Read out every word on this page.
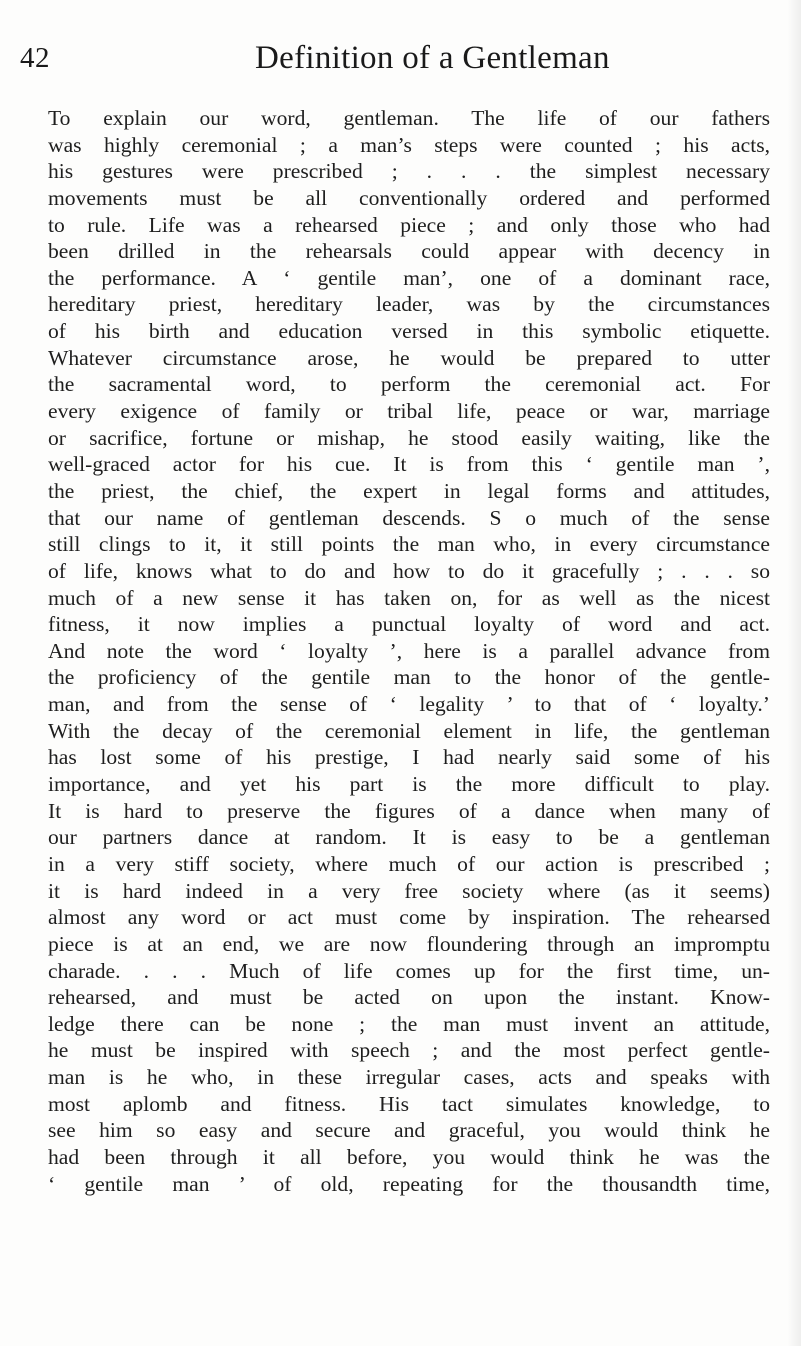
42	Definition of a Gentleman
To explain our word, gentleman. The life of our fathers
was highly ceremonial ; a man’s steps were counted ; his acts,
his gestures were prescribed ; . . . the simplest necessary
movements must be all conventionally ordered and performed
to rule. Life was a rehearsed piece ; and only those who had
been drilled in the rehearsals could appear with decency in
the performance. A ‘ gentile man’, one of a dominant race,
hereditary priest, hereditary leader, was by the circumstances
of his birth and education versed in this symbolic etiquette.
Whatever circumstance arose, he would be prepared to utter
the sacramental word, to perform the ceremonial act. For
every exigence of family or tribal life, peace or war, marriage
or sacrifice, fortune or mishap, he stood easily waiting, like the
well-graced actor for his cue. It is from this ‘ gentile man ’,
the priest, the chief, the expert in legal forms and attitudes,
that our name of gentleman descends. S o much of the sense
still clings to it, it still points the man who, in every circumstance
of life, knows what to do and how to do it gracefully ; . . . so
much of a new sense it has taken on, for as well as the nicest
fitness, it now implies a punctual loyalty of word and act.
And note the word ‘ loyalty ’, here is a parallel advance from
the proficiency of the gentile man to the honor of the gentle-
man, and from the sense of ‘ legality ’ to that of ‘ loyalty.’
With the decay of the ceremonial element in life, the gentleman
has lost some of his prestige, I had nearly said some of his
importance, and yet his part is the more difficult to play.
It is hard to preserve the figures of a dance when many of
our partners dance at random. It is easy to be a gentleman
in a very stiff society, where much of our action is prescribed ;
it is hard indeed in a very free society where (as it seems)
almost any word or act must come by inspiration. The rehearsed
piece is at an end, we are now floundering through an impromptu
charade. . . . Much of life comes up for the first time, un-
rehearsed, and must be acted on upon the instant. Know-
ledge there can be none ; the man must invent an attitude,
he must be inspired with speech ; and the most perfect gentle-
man is he who, in these irregular cases, acts and speaks with
most aplomb and fitness. His tact simulates knowledge, to
see him so easy and secure and graceful, you would think he
had been through it all before, you would think he was the
‘ gentile man ’ of old, repeating for the thousandth time,
